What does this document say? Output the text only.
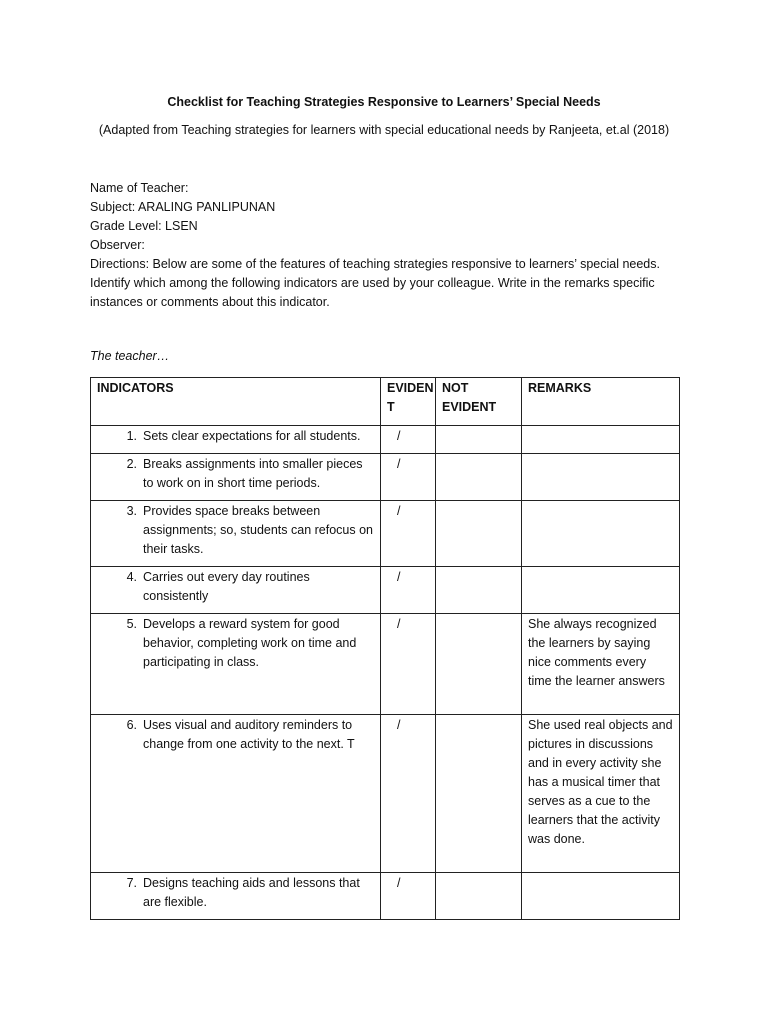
Checklist for Teaching Strategies Responsive to Learners’ Special Needs
(Adapted from Teaching strategies for learners with special educational needs by Ranjeeta, et.al (2018)
Name of Teacher:
Subject: ARALING PANLIPUNAN
Grade Level: LSEN
Observer:
Directions: Below are some of the features of teaching strategies responsive to learners’ special needs. Identify which among the following indicators are used by your colleague. Write in the remarks specific instances or comments about this indicator.
The teacher…
INDICATORS	EVIDEN T	NOT EVIDENT	REMARKS

1. Sets clear expectations for all students.	/		

2. Breaks assignments into smaller pieces to work on in short time periods.	/		

3. Provides space breaks between assignments; so, students can refocus on their tasks.	/		

4. Carries out every day routines consistently	/		

5. Develops a reward system for good behavior, completing work on time and participating in class.	/		She always recognized the learners by saying nice comments every time the learner answers

6. Uses visual and auditory reminders to change from one activity to the next. T	/		She used real objects and pictures in discussions and in every activity she has a musical timer that serves as a cue to the learners that the activity was done.

7. Designs teaching aids and lessons that are flexible.	/		
